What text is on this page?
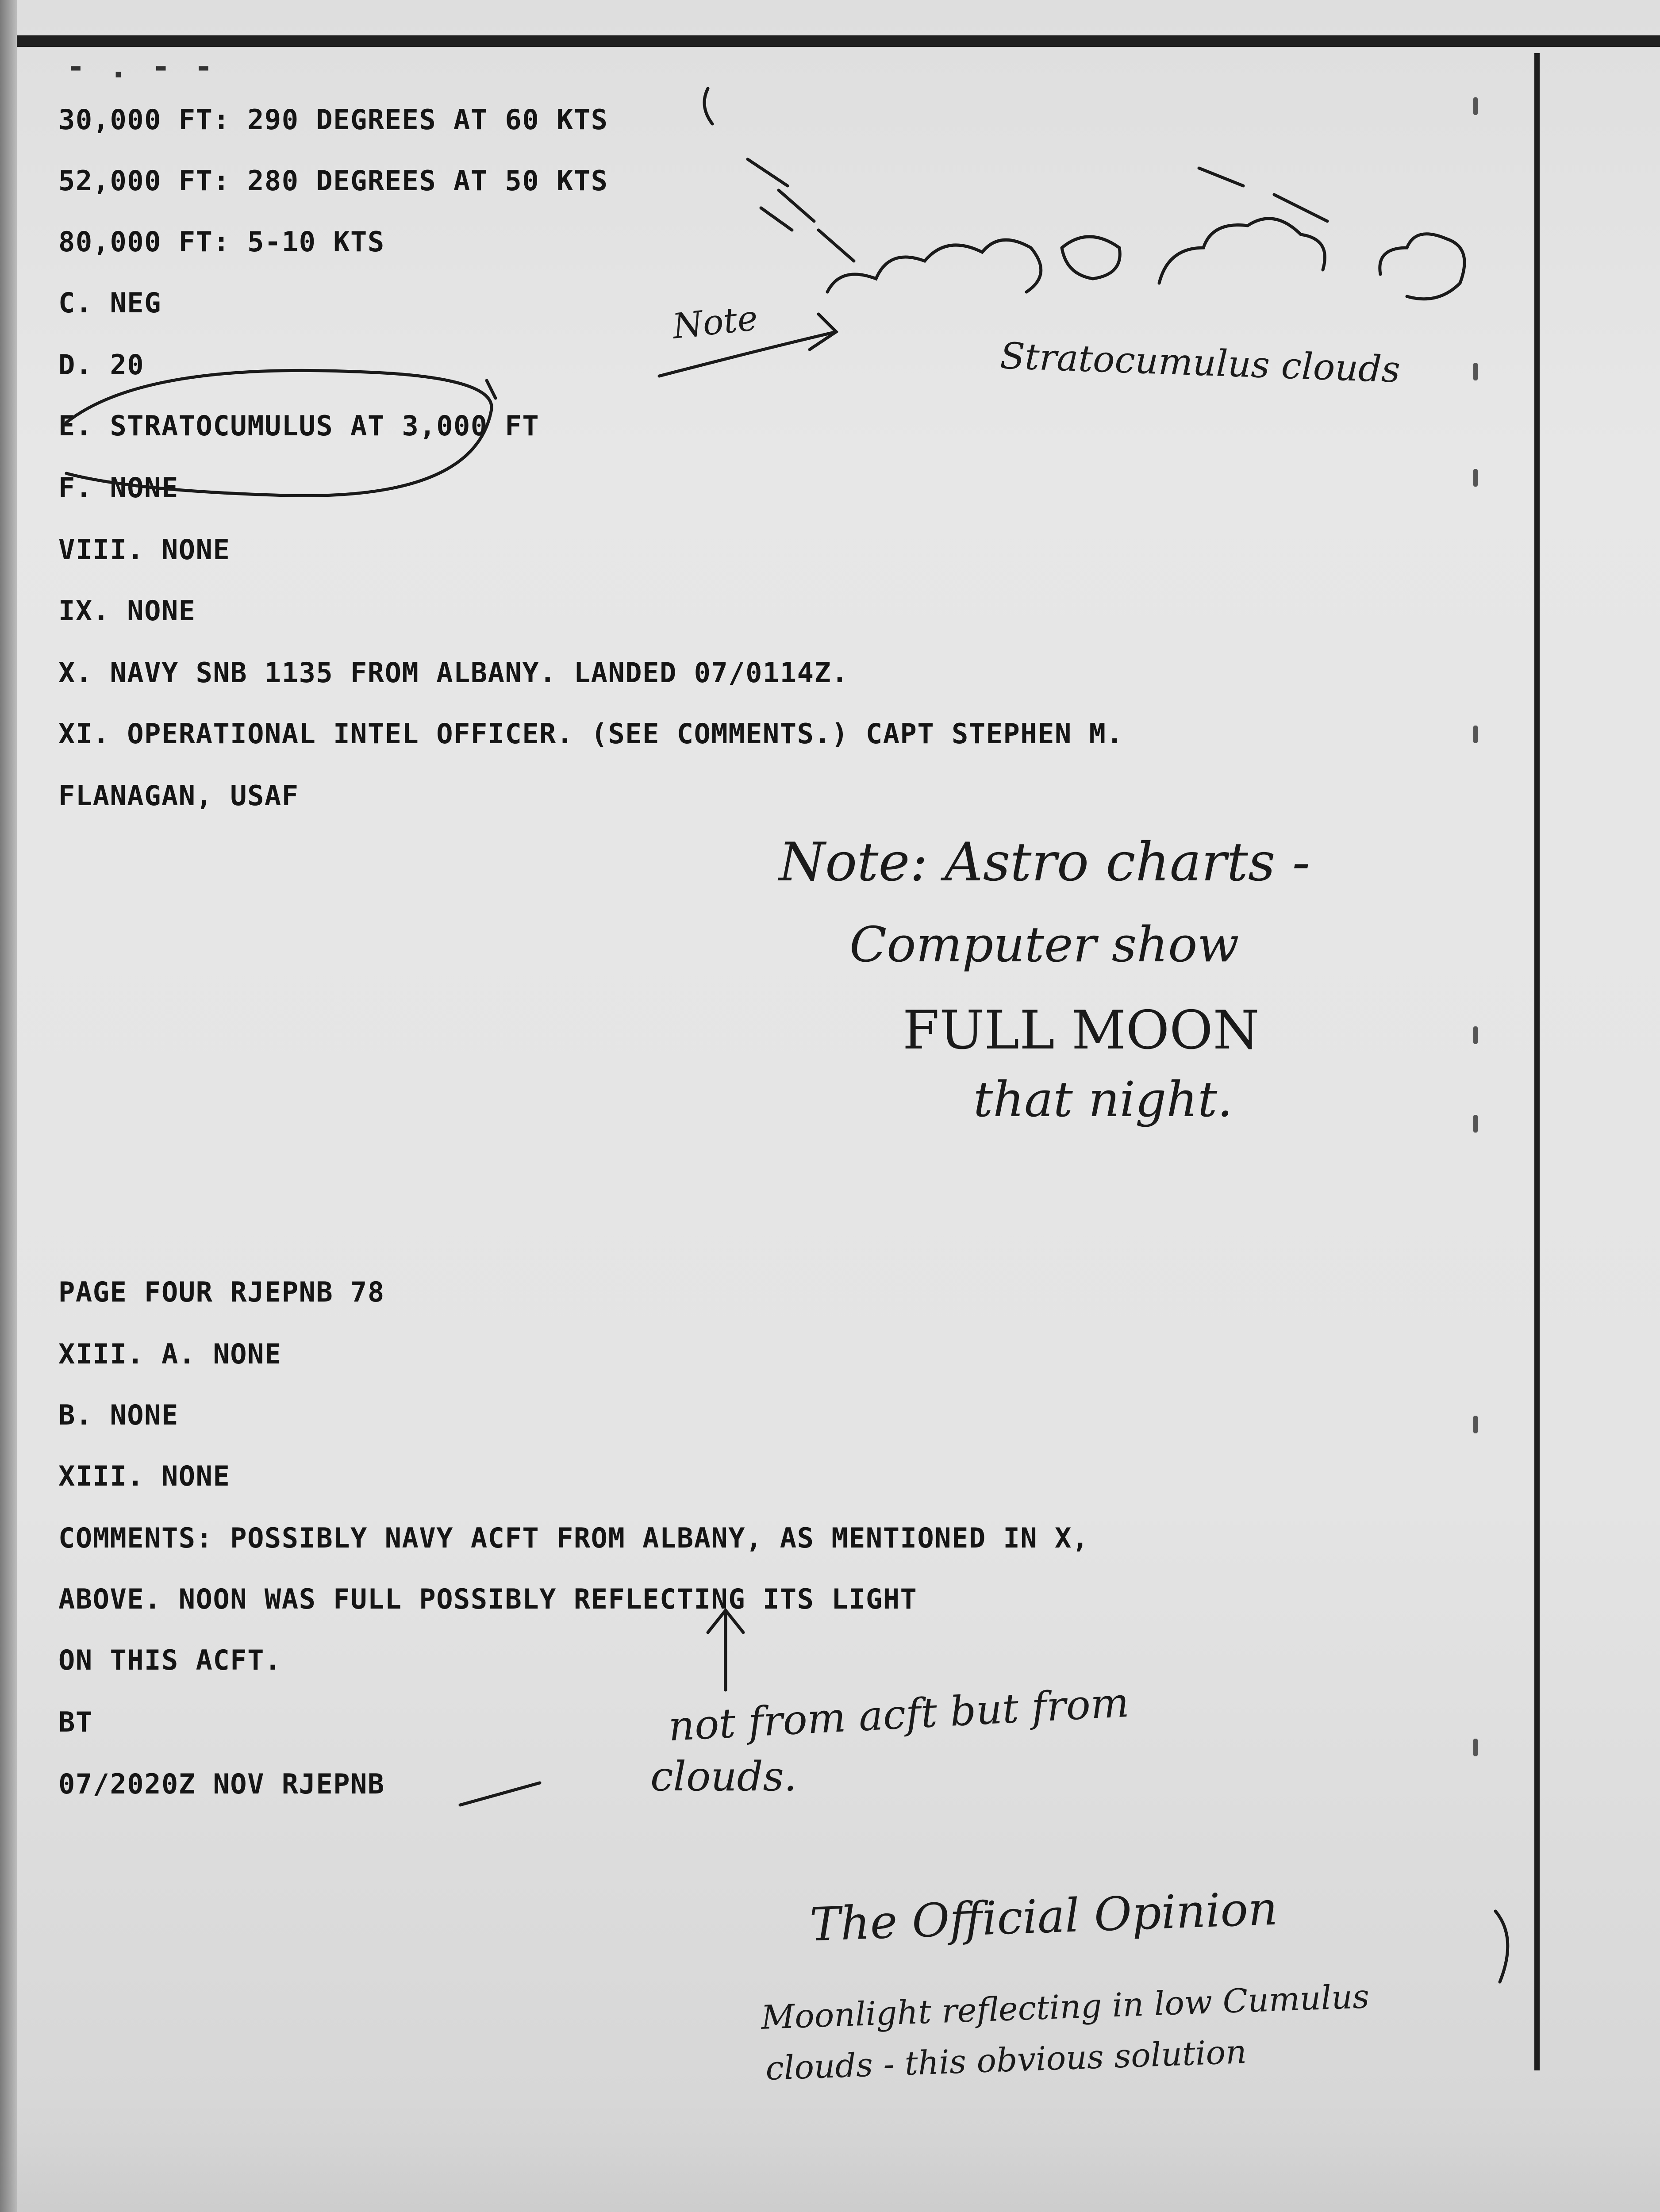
- . - -
30,000 FT: 290 DEGREES AT 60 KTS
52,000 FT: 280 DEGREES AT 50 KTS
80,000 FT: 5-10 KTS
C. NEG
D. 20
E. STRATOCUMULUS AT 3,000 FT
F. NONE
VIII. NONE
IX. NONE
X. NAVY SNB 1135 FROM ALBANY. LANDED 07/0114Z.
XI. OPERATIONAL INTEL OFFICER. (SEE COMMENTS.) CAPT STEPHEN M.
FLANAGAN, USAF
PAGE FOUR RJEPNB 78
XIII. A. NONE
B. NONE
XIII. NONE
COMMENTS: POSSIBLY NAVY ACFT FROM ALBANY, AS MENTIONED IN X,
ABOVE. NOON WAS FULL POSSIBLY REFLECTING ITS LIGHT
ON THIS ACFT.
BT
07/2020Z NOV RJEPNB
Note
Stratocumulus clouds
Note: Astro charts -
Computer show
FULL MOON
that night.
not from acft but from
clouds.
The Official Opinion
Moonlight reflecting in low Cumulus
clouds - this obvious solution
